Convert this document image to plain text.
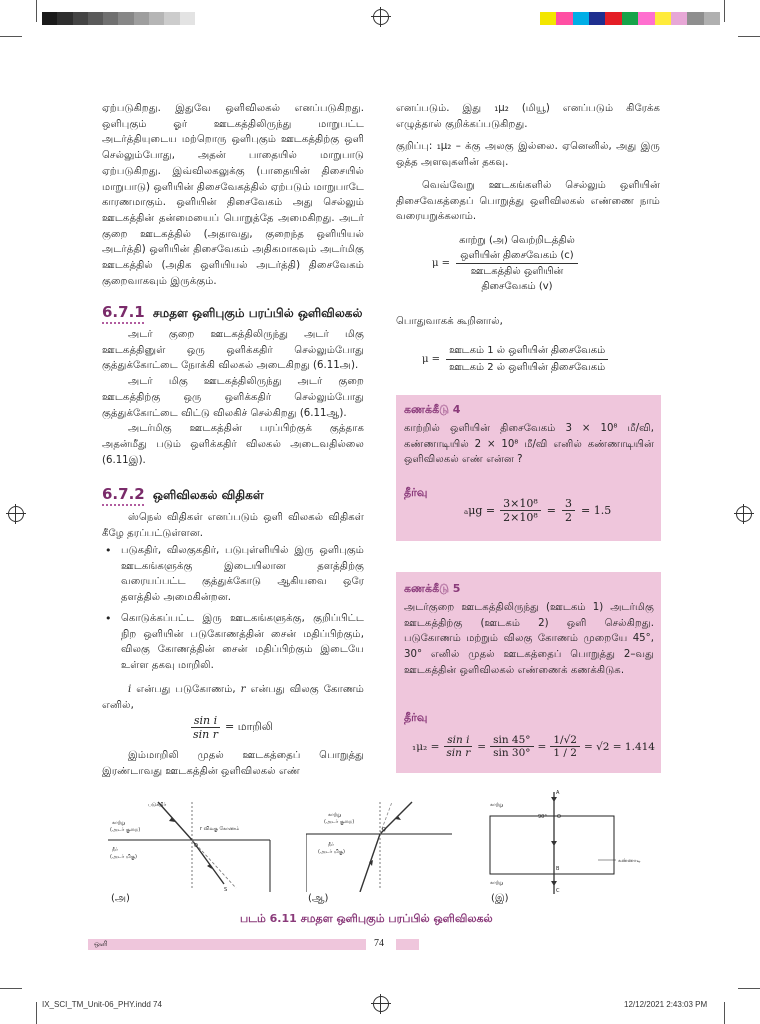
ஏற்படுகிறது. இதுவே ஒளிவிலகல் எனப்படுகிறது. ஒளிபுகும் ஓர் ஊடகத்திலிருந்து மாறுபட்ட அடர்த்தியுடைய மற்றொரு ஒளிபுகும் ஊடகத்திற்கு ஒளி செல்லும்போது, அதன் பாதையில் மாறுபாடு ஏற்படுகிறது. இவ்விலகலுக்கு (பாதையின் திசையில் மாறுபாடு) ஒளியின் திசைவேகத்தில் ஏற்படும் மாறுபாடே காரணமாகும். ஒளியின் திசைவேகம் அது செல்லும் ஊடகத்தின் தன்மையைப் பொறுத்தே அமைகிறது. அடர் குறை ஊடகத்தில் (அதாவது, குறைந்த ஒளியியல் அடர்த்தி) ஒளியின் திசைவேகம் அதிகமாகவும் அடர்மிகு ஊடகத்தில் (அதிக ஒளியியல் அடர்த்தி) திசைவேகம் குறைவாகவும் இருக்கும்.

6.7.1 சமதள ஒளிபுகும் பரப்பில் ஒளிவிலகல்

அடர் குறை ஊடகத்திலிருந்து அடர் மிகு ஊடகத்தினுள் ஒரு ஒளிக்கதிர் செல்லும்போது குத்துக்கோட்டை நோக்கி விலகல் அடைகிறது (6.11அ).

அடர் மிகு ஊடகத்திலிருந்து அடர் குறை ஊடகத்திற்கு ஒரு ஒளிக்கதிர் செல்லும்போது குத்துக்கோட்டை விட்டு விலகிச் செல்கிறது (6.11ஆ).

அடர்மிகு ஊடகத்தின் பரப்பிற்குக் குத்தாக அதன்மீது படும் ஒளிக்கதிர் விலகல் அடைவதில்லை (6.11இ).

6.7.2 ஒளிவிலகல் விதிகள்

ஸ்நெல் விதிகள் எனப்படும் ஒளி விலகல் விதிகள் கீழே தரப்பட்டுள்ளன.

• படுகதிர், விலகுகதிர், படுபுள்ளியில் இரு ஒளிபுகும் ஊடகங்களுக்கு இடையிலான தளத்திற்கு வரையப்பட்ட குத்துக்கோடு ஆகியவை ஒரே தளத்தில் அமைகின்றன.

• கொடுக்கப்பட்ட இரு ஊடகங்களுக்கு, குறிப்பிட்ட நிற ஒளியின் படுகோணத்தின் சைன் மதிப்பிற்கும், விலகு கோணத்தின் சைன் மதிப்பிற்கும் இடையே உள்ள தகவு மாறிலி.

i என்பது படுகோணம், r என்பது விலகு கோணம் எனில்,

$\frac{\text{sin i}}{\text{sin r}}$ = மாறிலி

இம்மாறிலி முதல் ஊடகத்தைப் பொறுத்து இரண்டாவது ஊடகத்தின் ஒளிவிலகல் எண்

எனப்படும். இது ₁μ₂ (மியூ) எனப்படும் கிரேக்க எழுத்தால் குறிக்கப்படுகிறது.

குறிப்பு: ₁μ₂ – க்கு அலகு இல்லை. ஏனெனில், அது இரு ஒத்த அளவுகளின் தகவு.

வெவ்வேறு ஊடகங்களில் செல்லும் ஒளியின் திசைவேகத்தைப் பொறுத்து ஒளிவிலகல் எண்ணை நாம் வரையறுக்கலாம்.

μ = காற்று (அ) வெற்றிடத்தில்
ஒளியின் திசைவேகம் (c)
ஊடகத்தில் ஒளியின்
திசைவேகம் (v)

பொதுவாகக் கூறினால்,

$\mu = \frac{\text{ஊடகம் 1 ல் ஒளியின் திசைவேகம்}}{\text{ஊடகம் 2 ல் ஒளியின் திசைவேகம்}}$
கணக்கீடு 4

காற்றில் ஒளியின் திசைவேகம் 3 × 10⁸ மீ/வி, கண்ணாடியில் 2 × 10⁸ மீ/வி எனில் கண்ணாடியின் ஒளிவிலகல் எண் என்ன ?

தீர்வு
$_a\mu g = \frac{\text{3×10⁸}}{\text{2×10⁸}} = \frac{3}{2} = 1.5$
கணக்கீடு 5

அடர்குறை ஊடகத்திலிருந்து (ஊடகம் 1) அடர்மிகு ஊடகத்திற்கு (ஊடகம் 2) ஒளி செல்கிறது. படுகோணம் மற்றும் விலகு கோணம் முறையே 45°, 30° எனில் முதல் ஊடகத்தைப் பொறுத்து 2–வது ஊடகத்தின் ஒளிவிலகல் எண்ணைக் கணக்கிடுக.

தீர்வு
$_1\mu_2 = \frac{\text{sin i}}{\text{sin r}} = \frac{\sin 45^\circ}{\sin 30^\circ} = \frac{1/√2}{1 / 2} = √2 = 1.414$
படுகதிர்
காற்று
(அடர் குறை)
நீர்
(அடர் மிகு)
r விலகு கோணம்
O
S
(அ)
காற்று
(அடர் குறை)
நீர்
(அடர் மிகு)
Q
(ஆ)
காற்று
காற்று
கண்ணாடி
A
O
90°
B
C
(இ)
படம் 6.11 சமதள ஒளிபுகும் பரப்பில் ஒளிவிலகல்
ஒளி	74
IX_SCI_TM_Unit-06_PHY.indd 74	12/12/2021 2:43:03 PM
